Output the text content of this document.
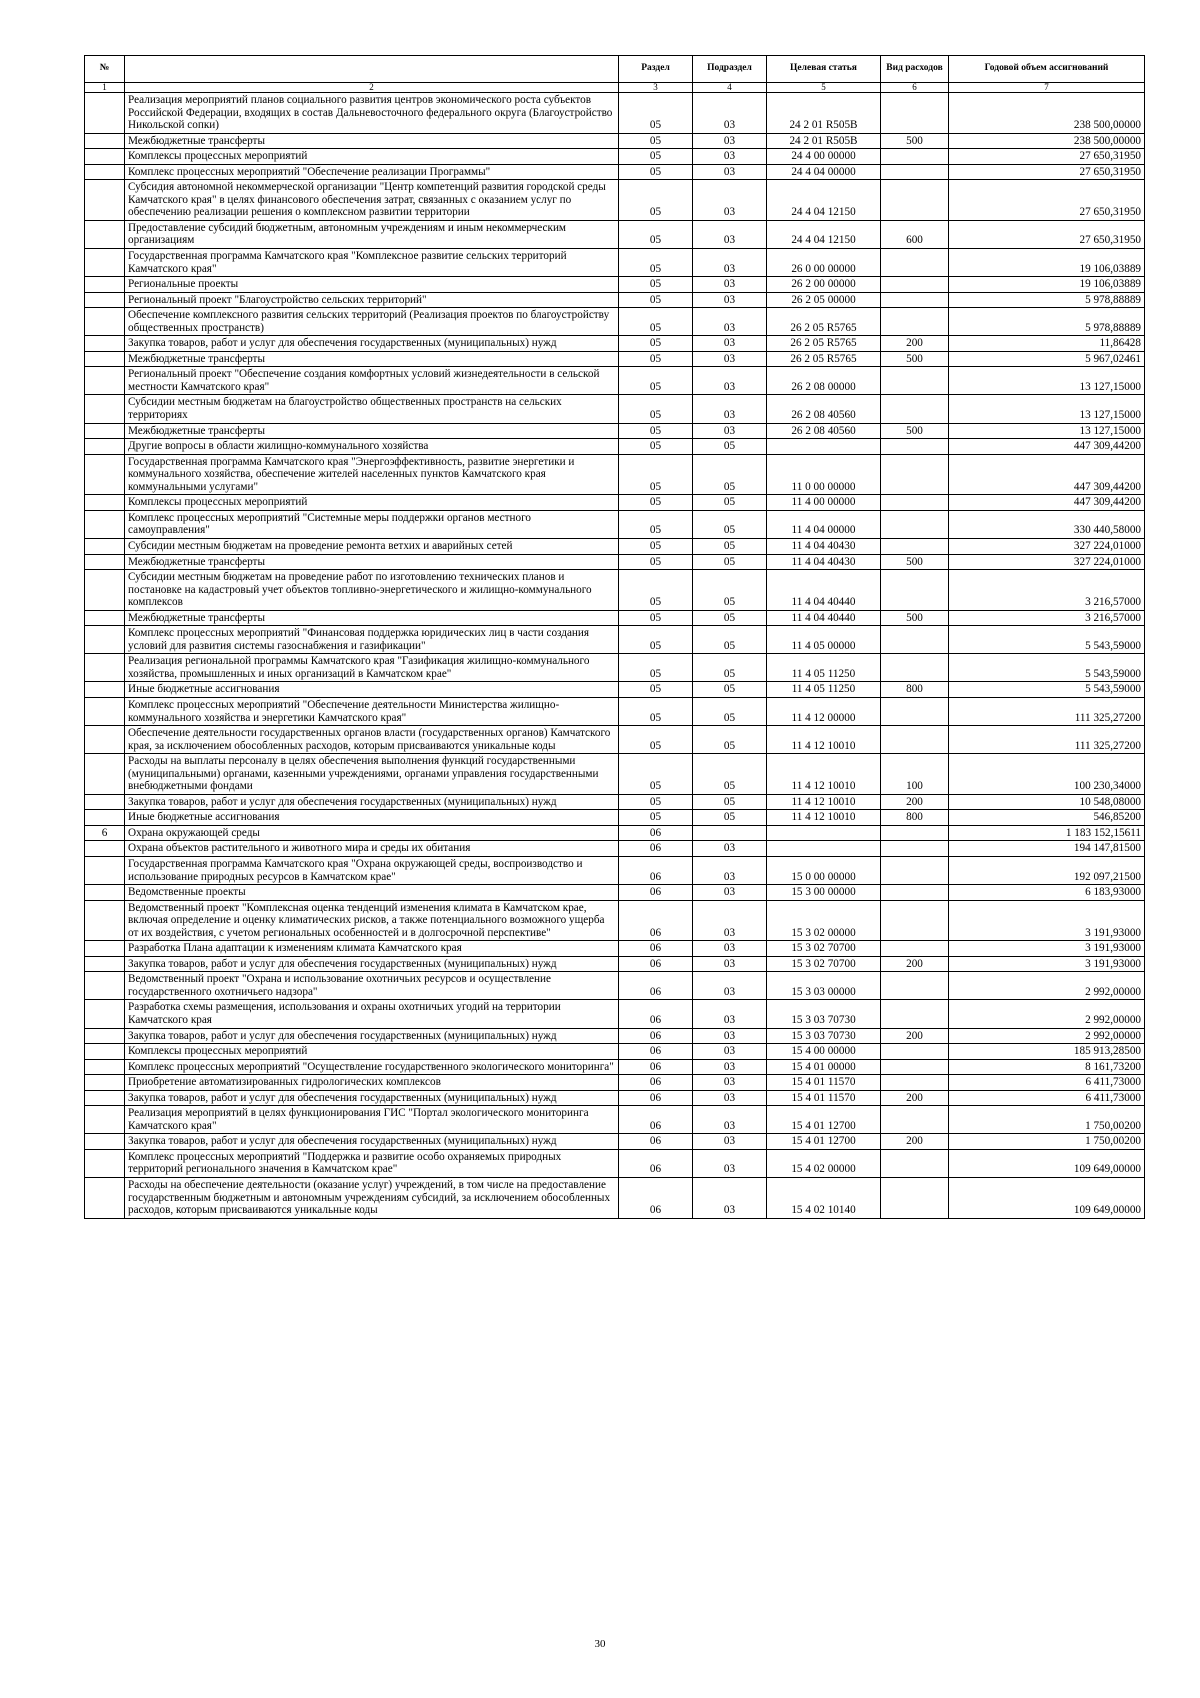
№		Раздел	Подраздел	Целевая статья	Вид расходов	Годовой объем ассигнований
1	2	3	4	5	6	7
	Реализация мероприятий планов социального развития центров экономического роста субъектов Российской Федерации, входящих в состав Дальневосточного федерального округа (Благоустройство Никольской сопки)	05	03	24 2 01 R505В		238 500,00000
	Межбюджетные трансферты	05	03	24 2 01 R505В	500	238 500,00000
	Комплексы процессных мероприятий	05	03	24 4 00 00000		27 650,31950
	Комплекс процессных мероприятий "Обеспечение реализации Программы"	05	03	24 4 04 00000		27 650,31950
	Субсидия автономной некоммерческой организации "Центр компетенций развития городской среды Камчатского края" в целях финансового обеспечения затрат, связанных с оказанием услуг по обеспечению реализации решения о комплексном развитии территории	05	03	24 4 04 12150		27 650,31950
	Предоставление субсидий бюджетным, автономным учреждениям и иным некоммерческим организациям	05	03	24 4 04 12150	600	27 650,31950
	Государственная программа Камчатского края "Комплексное развитие сельских территорий Камчатского края"	05	03	26 0 00 00000		19 106,03889
	Региональные проекты	05	03	26 2 00 00000		19 106,03889
	Региональный проект "Благоустройство сельских территорий"	05	03	26 2 05 00000		5 978,88889
	Обеспечение комплексного развития сельских территорий (Реализация проектов по благоустройству общественных пространств)	05	03	26 2 05 R5765		5 978,88889
	Закупка товаров, работ и услуг для обеспечения государственных (муниципальных) нужд	05	03	26 2 05 R5765	200	11,86428
	Межбюджетные трансферты	05	03	26 2 05 R5765	500	5 967,02461
	Региональный проект "Обеспечение создания комфортных условий жизнедеятельности в сельской местности Камчатского края"	05	03	26 2 08 00000		13 127,15000
	Субсидии местным бюджетам на благоустройство общественных пространств на сельских территориях	05	03	26 2 08 40560		13 127,15000
	Межбюджетные трансферты	05	03	26 2 08 40560	500	13 127,15000
	Другие вопросы в области жилищно-коммунального хозяйства	05	05			447 309,44200
	Государственная программа Камчатского края "Энергоэффективность, развитие энергетики и коммунального хозяйства, обеспечение жителей населенных пунктов Камчатского края коммунальными услугами"	05	05	11 0 00 00000		447 309,44200
	Комплексы процессных мероприятий	05	05	11 4 00 00000		447 309,44200
	Комплекс процессных мероприятий "Системные меры поддержки органов местного самоуправления"	05	05	11 4 04 00000		330 440,58000
	Субсидии местным бюджетам на проведение ремонта ветхих и аварийных сетей	05	05	11 4 04 40430		327 224,01000
	Межбюджетные трансферты	05	05	11 4 04 40430	500	327 224,01000
	Субсидии местным бюджетам на проведение работ по изготовлению технических планов и постановке на кадастровый учет объектов топливно-энергетического и жилищно-коммунального комплексов	05	05	11 4 04 40440		3 216,57000
	Межбюджетные трансферты	05	05	11 4 04 40440	500	3 216,57000
	Комплекс процессных мероприятий "Финансовая поддержка юридических лиц в части создания условий для развития системы газоснабжения и газификации"	05	05	11 4 05 00000		5 543,59000
	Реализация региональной программы Камчатского края "Газификация жилищно-коммунального хозяйства, промышленных и иных организаций в Камчатском крае"	05	05	11 4 05 11250		5 543,59000
	Иные бюджетные ассигнования	05	05	11 4 05 11250	800	5 543,59000
	Комплекс процессных мероприятий "Обеспечение деятельности Министерства жилищно-коммунального хозяйства и энергетики Камчатского края"	05	05	11 4 12 00000		111 325,27200
	Обеспечение деятельности государственных органов власти (государственных органов) Камчатского края, за исключением обособленных расходов, которым присваиваются уникальные коды	05	05	11 4 12 10010		111 325,27200
	Расходы на выплаты персоналу в целях обеспечения выполнения функций государственными (муниципальными) органами, казенными учреждениями, органами управления государственными внебюджетными фондами	05	05	11 4 12 10010	100	100 230,34000
	Закупка товаров, работ и услуг для обеспечения государственных (муниципальных) нужд	05	05	11 4 12 10010	200	10 548,08000
	Иные бюджетные ассигнования	05	05	11 4 12 10010	800	546,85200
6	Охрана окружающей среды	06				1 183 152,15611
	Охрана объектов растительного и животного мира и среды их обитания	06	03			194 147,81500
	Государственная программа Камчатского края "Охрана окружающей среды, воспроизводство и использование природных ресурсов в Камчатском крае"	06	03	15 0 00 00000		192 097,21500
	Ведомственные проекты	06	03	15 3 00 00000		6 183,93000
	Ведомственный проект "Комплексная оценка тенденций изменения климата в Камчатском крае, включая определение и оценку климатических рисков, а также потенциального возможного ущерба от их воздействия, с учетом региональных особенностей и в долгосрочной перспективе"	06	03	15 3 02 00000		3 191,93000
	Разработка Плана адаптации к изменениям климата Камчатского края	06	03	15 3 02 70700		3 191,93000
	Закупка товаров, работ и услуг для обеспечения государственных (муниципальных) нужд	06	03	15 3 02 70700	200	3 191,93000
	Ведомственный проект "Охрана и использование охотничьих ресурсов и осуществление государственного охотничьего надзора"	06	03	15 3 03 00000		2 992,00000
	Разработка схемы размещения, использования и охраны охотничьих угодий на территории Камчатского края	06	03	15 3 03 70730		2 992,00000
	Закупка товаров, работ и услуг для обеспечения государственных (муниципальных) нужд	06	03	15 3 03 70730	200	2 992,00000
	Комплексы процессных мероприятий	06	03	15 4 00 00000		185 913,28500
	Комплекс процессных мероприятий "Осуществление государственного экологического мониторинга"	06	03	15 4 01 00000		8 161,73200
	Приобретение автоматизированных гидрологических комплексов	06	03	15 4 01 11570		6 411,73000
	Закупка товаров, работ и услуг для обеспечения государственных (муниципальных) нужд	06	03	15 4 01 11570	200	6 411,73000
	Реализация мероприятий в целях функционирования ГИС "Портал экологического мониторинга Камчатского края"	06	03	15 4 01 12700		1 750,00200
	Закупка товаров, работ и услуг для обеспечения государственных (муниципальных) нужд	06	03	15 4 01 12700	200	1 750,00200
	Комплекс процессных мероприятий "Поддержка и развитие особо охраняемых природных территорий регионального значения в Камчатском крае"	06	03	15 4 02 00000		109 649,00000
	Расходы на обеспечение деятельности (оказание услуг) учреждений, в том числе на предоставление государственным бюджетным и автономным учреждениям субсидий, за исключением обособленных расходов, которым присваиваются уникальные коды	06	03	15 4 02 10140		109 649,00000
30
